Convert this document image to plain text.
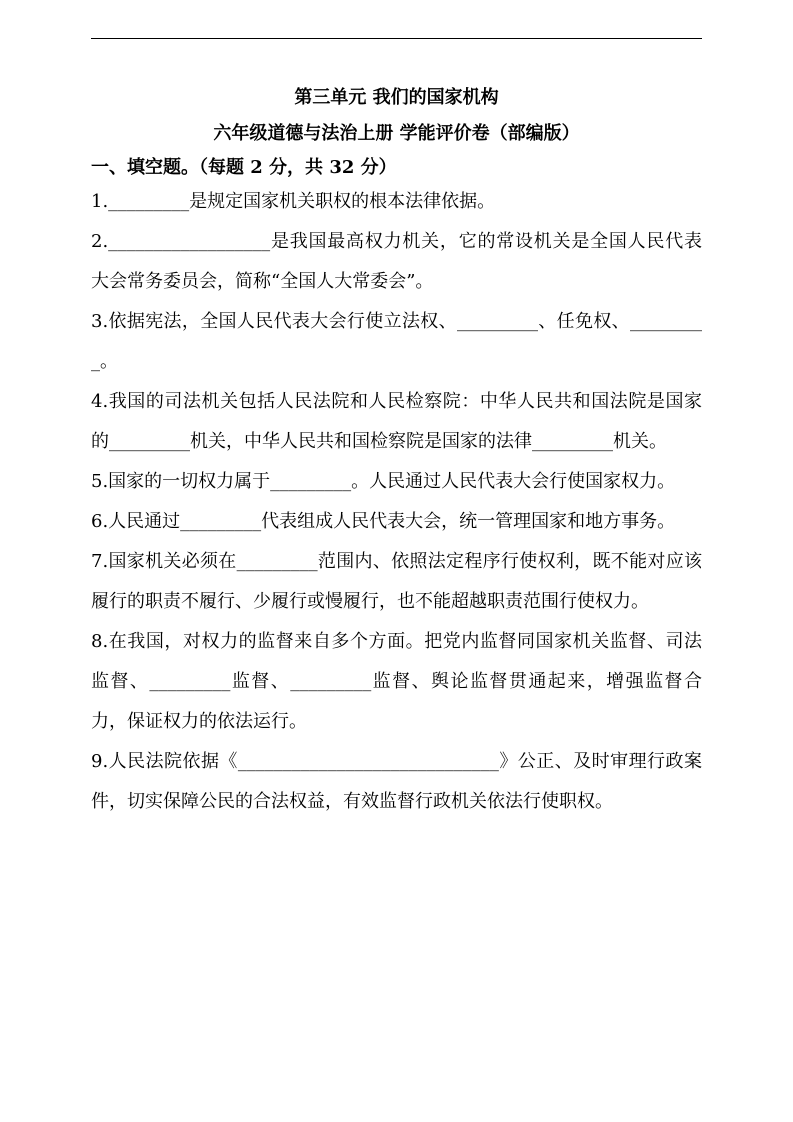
第三单元 我们的国家机构

六年级道德与法治上册 学能评价卷（部编版）

一、填空题。（每题 2 分，共 32 分）

1._________是规定国家机关职权的根本法律依据。

2.__________________是我国最高权力机关，它的常设机关是全国人民代表大会常务委员会，简称“全国人大常委会”。

3.依据宪法，全国人民代表大会行使立法权、_________、任免权、_________。

4.我国的司法机关包括人民法院和人民检察院：中华人民共和国法院是国家的_________机关，中华人民共和国检察院是国家的法律_________机关。

5.国家的一切权力属于_________。人民通过人民代表大会行使国家权力。

6.人民通过_________代表组成人民代表大会，统一管理国家和地方事务。

7.国家机关必须在_________范围内、依照法定程序行使权利，既不能对应该履行的职责不履行、少履行或慢履行，也不能超越职责范围行使权力。

8.在我国，对权力的监督来自多个方面。把党内监督同国家机关监督、司法监督、_________监督、_________监督、舆论监督贯通起来，增强监督合力，保证权力的依法运行。

9.人民法院依据《_____________________________》公正、及时审理行政案件，切实保障公民的合法权益，有效监督行政机关依法行使职权。
